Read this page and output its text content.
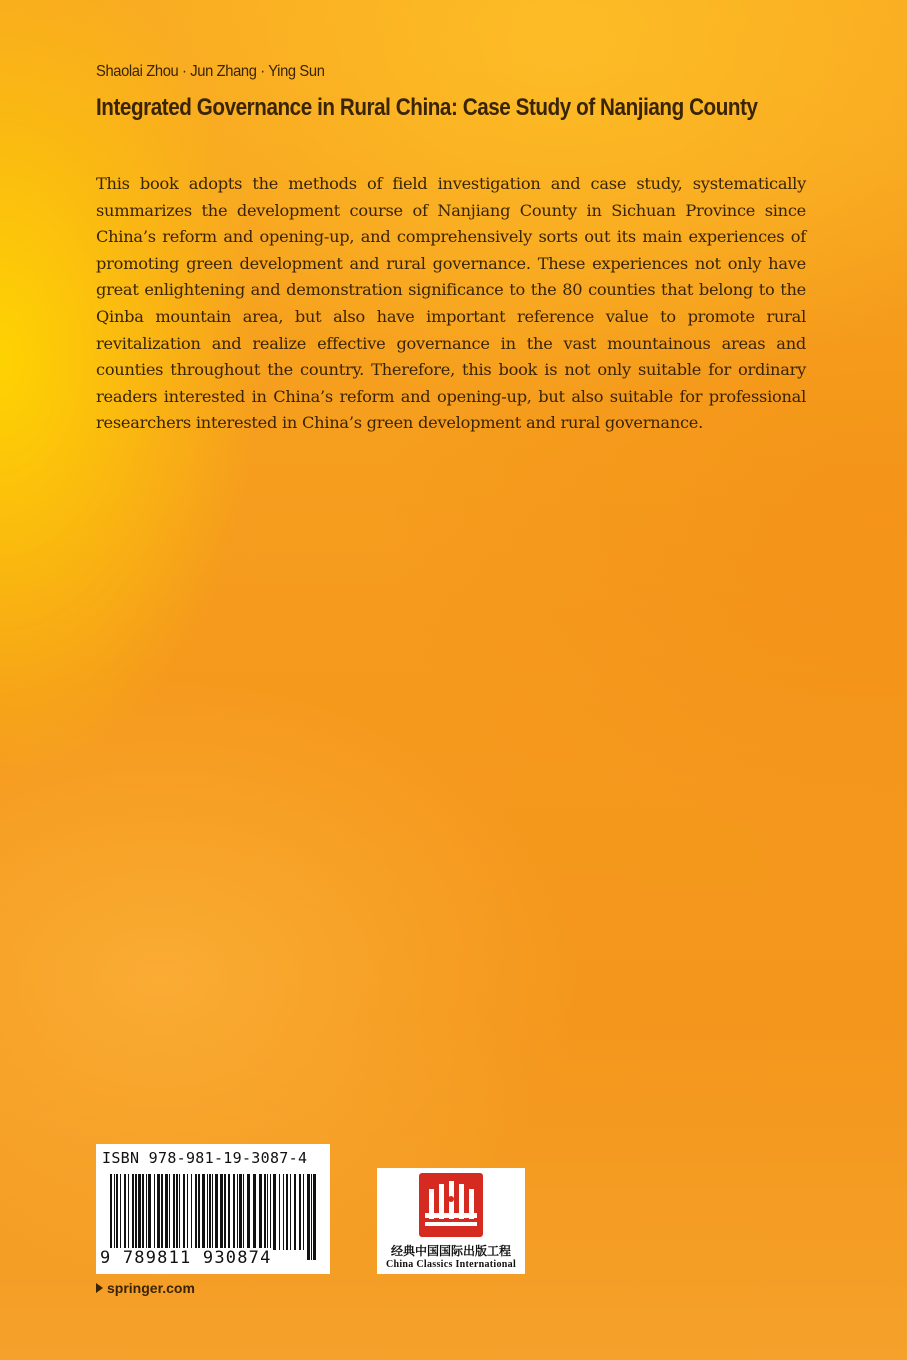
Shaolai Zhou · Jun Zhang · Ying Sun
Integrated Governance in Rural China: Case Study of Nanjiang County

This book adopts the methods of field investigation and case study, systematically summarizes the development course of Nanjiang County in Sichuan Province since China’s reform and opening-up, and comprehensively sorts out its main experiences of promoting green development and rural governance. These experiences not only have great enlightening and demonstration significance to the 80 counties that belong to the Qinba mountain area, but also have important reference value to promote rural revitalization and realize effective governance in the vast mountainous areas and counties throughout the country. Therefore, this book is not only suitable for ordinary readers interested in China’s reform and opening-up, but also suitable for professional researchers interested in China’s green development and rural governance.

ISBN 978-981-19-3087-4
9 789811 930874	经典中国国际出版工程
China Classics International
springer.com
